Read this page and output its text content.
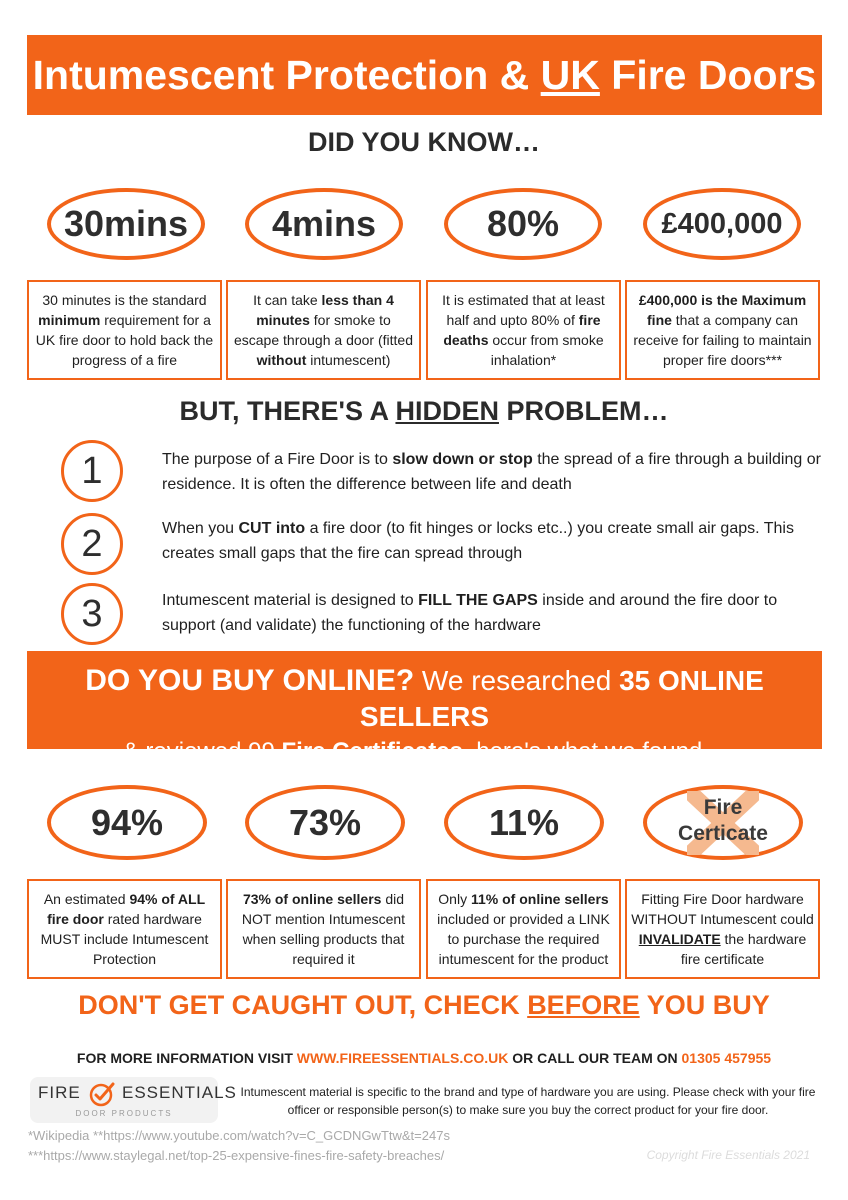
Intumescent Protection & UK Fire Doors
DID YOU KNOW…
30mins 4mins	80%	£400,000
30 minutes is the standard minimum requirement for a UK fire door to hold back the progress of a fire
It can take less than 4 minutes for smoke to escape through a door (fitted without intumescent)
It is estimated that at least half and upto 80% of fire deaths occur from smoke inhalation*
£400,000 is the Maximum fine that a company can receive for failing to maintain proper fire doors***
BUT, THERE'S A HIDDEN PROBLEM…
1	The purpose of a Fire Door is to slow down or stop the spread of a fire through a building or residence. It is often the difference between life and death
2	When you CUT into a fire door (to fit hinges or locks etc..) you create small air gaps. This creates small gaps that the fire can spread through
3	Intumescent material is designed to FILL THE GAPS inside and around the fire door to support (and validate) the functioning of the hardware
DO YOU BUY ONLINE? We researched 35 ONLINE SELLERS
& reviewed 99 Fire Certificates, here's what we found…
94%	73%	11%	Fire
Certicate
An estimated 94% of ALL fire door rated hardware MUST include Intumescent Protection
73% of online sellers did NOT mention Intumescent when selling products that required it
Only 11% of online sellers included or provided a LINK to purchase the required intumescent for the product
Fitting Fire Door hardware WITHOUT Intumescent could INVALIDATE the hardware fire certificate
DON'T GET CAUGHT OUT, CHECK BEFORE YOU BUY
FOR MORE INFORMATION VISIT WWW.FIREESSENTIALS.CO.UK OR CALL OUR TEAM ON 01305 457955
FIRE ESSENTIALS
DOOR PRODUCTS
Intumescent material is specific to the brand and type of hardware you are using. Please check with your fire officer or responsible person(s) to make sure you buy the correct product for your fire door.
*Wikipedia **https://www.youtube.com/watch?v=C_GCDNGwTtw&t=247s
***https://www.staylegal.net/top-25-expensive-fines-fire-safety-breaches/	Copyright Fire Essentials 2021
